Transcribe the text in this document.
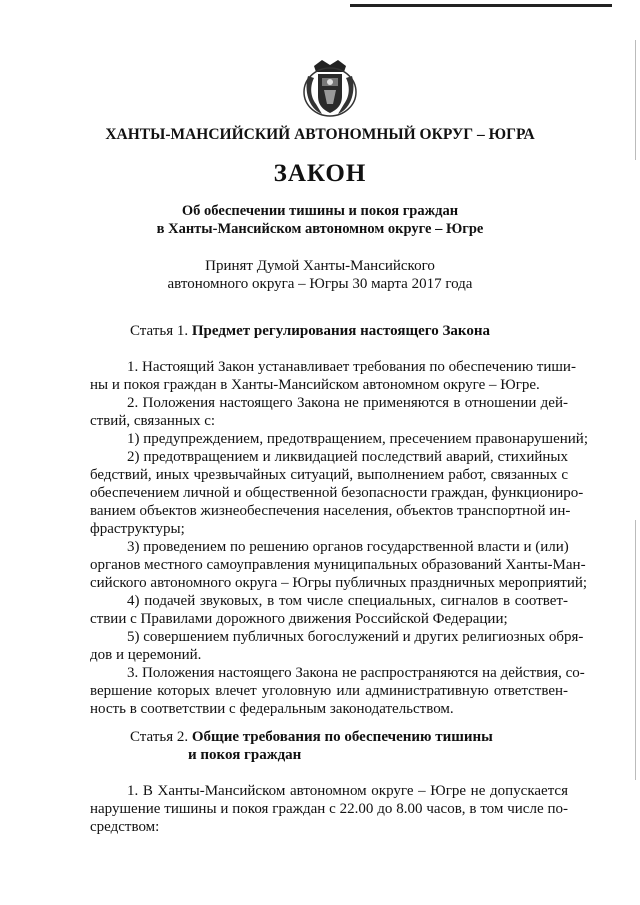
ХАНТЫ-МАНСИЙСКИЙ АВТОНОМНЫЙ ОКРУГ – ЮГРА
ЗАКОН
Об обеспечении тишины и покоя граждан
в Ханты-Мансийском автономном округе – Югре
Принят Думой Ханты-Мансийского
автономного округа – Югры 30 марта 2017 года
Статья 1. Предмет регулирования настоящего Закона
1. Настоящий Закон устанавливает требования по обеспечению тиши-
ны и покоя граждан в Ханты-Мансийском автономном округе – Югре.
2. Положения настоящего Закона не применяются в отношении дей-
ствий, связанных с:
1) предупреждением, предотвращением, пресечением правонарушений;
2) предотвращением и ликвидацией последствий аварий, стихийных
бедствий, иных чрезвычайных ситуаций, выполнением работ, связанных с
обеспечением личной и общественной безопасности граждан, функциониро-
ванием объектов жизнеобеспечения населения, объектов транспортной ин-
фраструктуры;
3) проведением по решению органов государственной власти и (или)
органов местного самоуправления муниципальных образований Ханты-Ман-
сийского автономного округа – Югры публичных праздничных мероприятий;
4) подачей звуковых, в том числе специальных, сигналов в соответ-
ствии с Правилами дорожного движения Российской Федерации;
5) совершением публичных богослужений и других религиозных обря-
дов и церемоний.
3. Положения настоящего Закона не распространяются на действия, со-
вершение которых влечет уголовную или административную ответствен-
ность в соответствии с федеральным законодательством.
Статья 2. Общие требования по обеспечению тишины
и покоя граждан
1. В Ханты-Мансийском автономном округе – Югре не допускается
нарушение тишины и покоя граждан с 22.00 до 8.00 часов, в том числе по-
средством:
